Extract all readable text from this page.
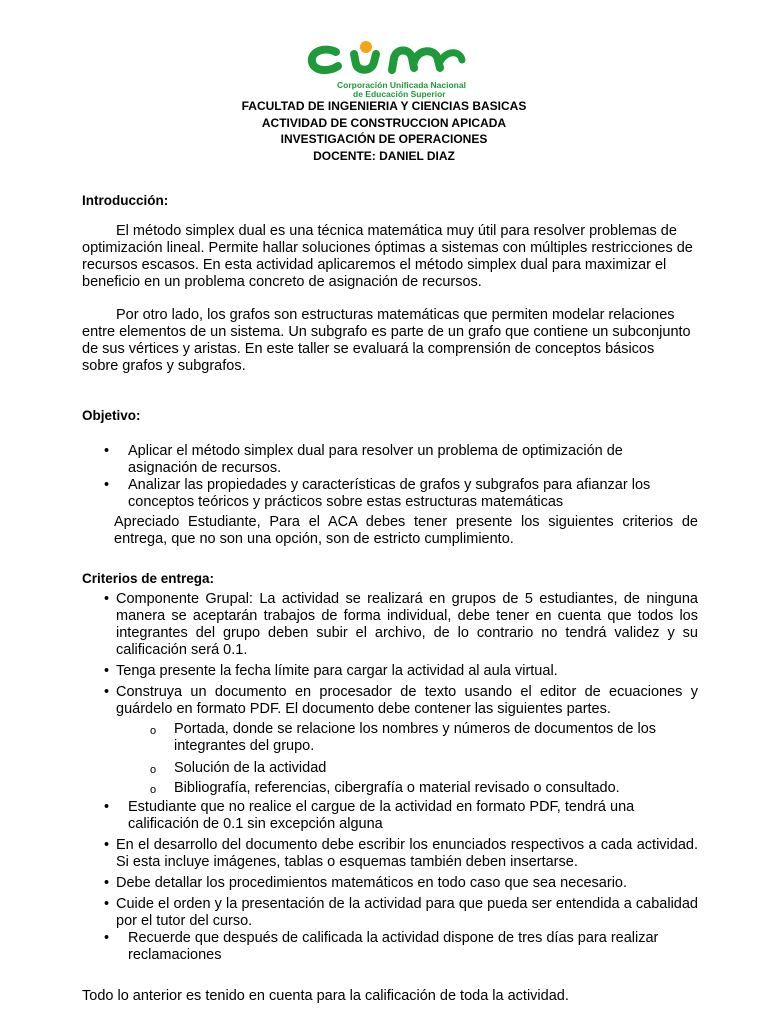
Corporación Unificada Nacional
de Educación Superior
FACULTAD DE INGENIERIA Y CIENCIAS BASICAS
ACTIVIDAD DE CONSTRUCCION APICADA
INVESTIGACIÓN DE OPERACIONES
DOCENTE: DANIEL DIAZ
Introducción:
El método simplex dual es una técnica matemática muy útil para resolver problemas de optimización lineal. Permite hallar soluciones óptimas a sistemas con múltiples restricciones de recursos escasos. En esta actividad aplicaremos el método simplex dual para maximizar el beneficio en un problema concreto de asignación de recursos.
Por otro lado, los grafos son estructuras matemáticas que permiten modelar relaciones entre elementos de un sistema. Un subgrafo es parte de un grafo que contiene un subconjunto de sus vértices y aristas. En este taller se evaluará la comprensión de conceptos básicos sobre grafos y subgrafos.
Objetivo:
• Aplicar el método simplex dual para resolver un problema de optimización de asignación de recursos.
• Analizar las propiedades y características de grafos y subgrafos para afianzar los conceptos teóricos y prácticos sobre estas estructuras matemáticas
Apreciado Estudiante, Para el ACA debes tener presente los siguientes criterios de entrega, que no son una opción, son de estricto cumplimiento.
Criterios de entrega:
• Componente Grupal: La actividad se realizará en grupos de 5 estudiantes, de ninguna manera se aceptarán trabajos de forma individual, debe tener en cuenta que todos los integrantes del grupo deben subir el archivo, de lo contrario no tendrá validez y su calificación será 0.1.
• Tenga presente la fecha límite para cargar la actividad al aula virtual.
• Construya un documento en procesador de texto usando el editor de ecuaciones y guárdelo en formato PDF. El documento debe contener las siguientes partes.
o Portada, donde se relacione los nombres y números de documentos de los integrantes del grupo.
o Solución de la actividad
o Bibliografía, referencias, cibergrafía o material revisado o consultado.
• Estudiante que no realice el cargue de la actividad en formato PDF, tendrá una calificación de 0.1 sin excepción alguna
• En el desarrollo del documento debe escribir los enunciados respectivos a cada actividad. Si esta incluye imágenes, tablas o esquemas también deben insertarse.
• Debe detallar los procedimientos matemáticos en todo caso que sea necesario.
• Cuide el orden y la presentación de la actividad para que pueda ser entendida a cabalidad por el tutor del curso.
• Recuerde que después de calificada la actividad dispone de tres días para realizar reclamaciones
Todo lo anterior es tenido en cuenta para la calificación de toda la actividad.
